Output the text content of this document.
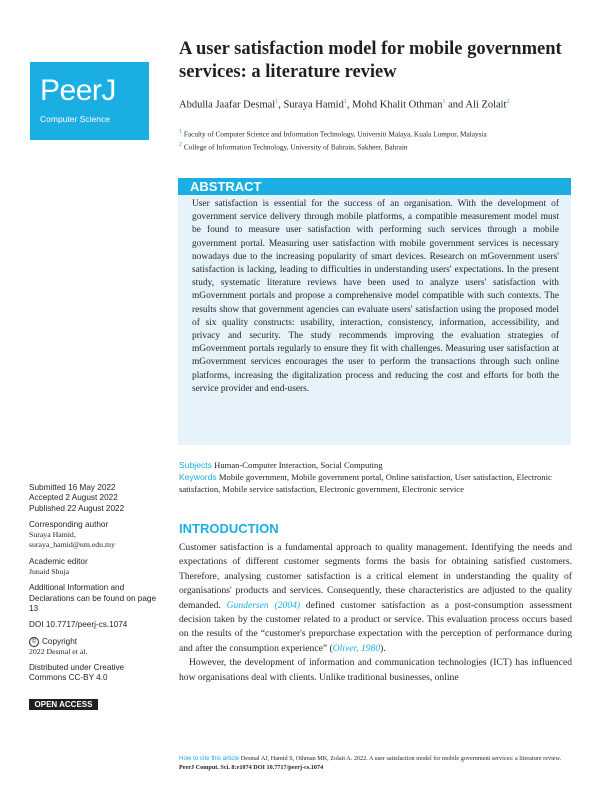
PeerJ
Computer Science
A user satisfaction model for mobile government services: a literature review
Abdulla Jaafar Desmal$^1$, Suraya Hamid$^1$, Mohd Khalit Othman$^1$ and Ali Zolait$^2$
$^1$ Faculty of Computer Science and Information Technology, Universiti Malaya, Kuala Lumpur, Malaysia
$^2$ College of Information Technology, University of Bahrain, Sakheer, Bahrain
ABSTRACT
User satisfaction is essential for the success of an organisation. With the development of government service delivery through mobile platforms, a compatible measurement model must be found to measure user satisfaction with performing such services through a mobile government portal. Measuring user satisfaction with mobile government services is necessary nowadays due to the increasing popularity of smart devices. Research on mGovernment users' satisfaction is lacking, leading to difficulties in understanding users' expectations. In the present study, systematic literature reviews have been used to analyze users' satisfaction with mGovernment portals and propose a comprehensive model compatible with such contexts. The results show that government agencies can evaluate users' satisfaction using the proposed model of six quality constructs: usability, interaction, consistency, information, accessibility, and privacy and security. The study recommends improving the evaluation strategies of mGovernment portals regularly to ensure they fit with challenges. Measuring user satisfaction at mGovernment services encourages the user to perform the transactions through such online platforms, increasing the digitalization process and reducing the cost and efforts for both the service provider and end-users.
Subjects Human-Computer Interaction, Social Computing
Keywords Mobile government, Mobile government portal, Online satisfaction, User satisfaction, Electronic satisfaction, Mobile service satisfaction, Electronic government, Electronic service
Submitted 16 May 2022
Accepted 2 August 2022
Published 22 August 2022
Corresponding author
Suraya Hamid,
suraya_hamid@um.edu.my
Academic editor
Junaid Shuja
Additional Information and Declarations can be found on page 13
DOI 10.7717/peerj-cs.1074
© Copyright
2022 Desmal et al.
Distributed under Creative Commons CC-BY 4.0
OPEN ACCESS
INTRODUCTION

Customer satisfaction is a fundamental approach to quality management. Identifying the needs and expectations of different customer segments forms the basis for obtaining satisfied customers. Therefore, analysing customer satisfaction is a critical element in understanding the quality of organisations' products and services. Consequently, these characteristics are adjusted to the quality demanded. Gundersen (2004) defined customer satisfaction as a post-consumption assessment decision taken by the customer related to a product or service. This evaluation process occurs based on the results of the “customer's prepurchase expectation with the perception of performance during and after the consumption experience” (Oliver, 1980).

However, the development of information and communication technologies (ICT) has influenced how organisations deal with clients. Unlike traditional businesses, online

How to cite this article Desmal AJ, Hamid S, Othman MK, Zolait A. 2022. A user satisfaction model for mobile government services: a literature review. PeerJ Comput. Sci. 8:e1074 DOI 10.7717/peerj-cs.1074
